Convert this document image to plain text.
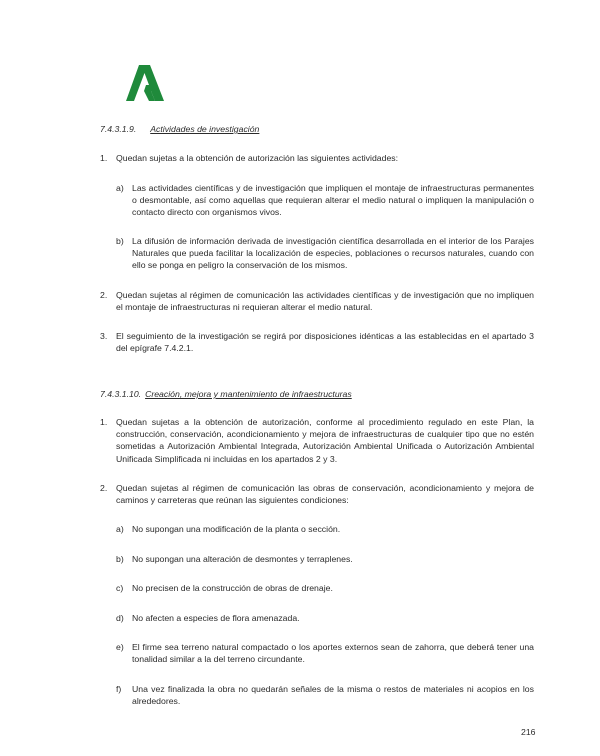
7.4.3.1.9. Actividades de investigación
1. Quedan sujetas a la obtención de autorización las siguientes actividades:
a) Las actividades científicas y de investigación que impliquen el montaje de infraestructuras permanentes o desmontable, así como aquellas que requieran alterar el medio natural o impliquen la manipulación o contacto directo con organismos vivos.
b) La difusión de información derivada de investigación científica desarrollada en el interior de los Parajes Naturales que pueda facilitar la localización de especies, poblaciones o recursos naturales, cuando con ello se ponga en peligro la conservación de los mismos.
2. Quedan sujetas al régimen de comunicación las actividades científicas y de investigación que no impliquen el montaje de infraestructuras ni requieran alterar el medio natural.
3. El seguimiento de la investigación se regirá por disposiciones idénticas a las establecidas en el apartado 3 del epígrafe 7.4.2.1.
7.4.3.1.10. Creación, mejora y mantenimiento de infraestructuras
1. Quedan sujetas a la obtención de autorización, conforme al procedimiento regulado en este Plan, la construcción, conservación, acondicionamiento y mejora de infraestructuras de cualquier tipo que no estén sometidas a Autorización Ambiental Integrada, Autorización Ambiental Unificada o Autorización Ambiental Unificada Simplificada ni incluidas en los apartados 2 y 3.
2. Quedan sujetas al régimen de comunicación las obras de conservación, acondicionamiento y mejora de caminos y carreteras que reúnan las siguientes condiciones:
a) No supongan una modificación de la planta o sección.
b) No supongan una alteración de desmontes y terraplenes.
c) No precisen de la construcción de obras de drenaje.
d) No afecten a especies de flora amenazada.
e) El firme sea terreno natural compactado o los aportes externos sean de zahorra, que deberá tener una tonalidad similar a la del terreno circundante.
f) Una vez finalizada la obra no quedarán señales de la misma o restos de materiales ni acopios en los alrededores.
216
